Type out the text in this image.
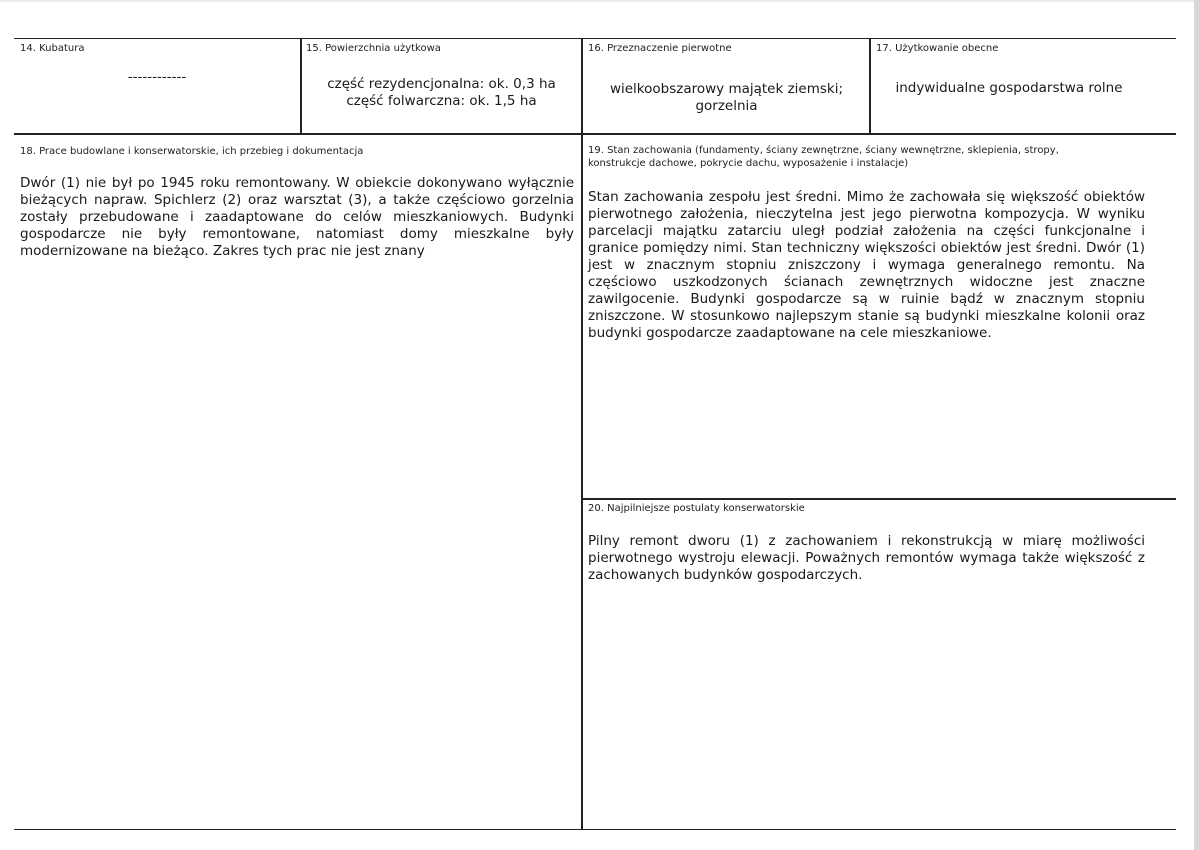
14. Kubatura
------------
15. Powierzchnia użytkowa
część rezydencjonalna: ok. 0,3 ha
część folwarczna: ok. 1,5 ha
16. Przeznaczenie pierwotne
wielkoobszarowy majątek ziemski;
gorzelnia
17. Użytkowanie obecne
indywidualne gospodarstwa rolne
18. Prace budowlane i konserwatorskie, ich przebieg i dokumentacja

Dwór (1) nie był po 1945 roku remontowany. W obiekcie dokonywano wyłącznie bieżących napraw. Spichlerz (2) oraz warsztat (3), a także częściowo gorzelnia zostały przebudowane i zaadaptowane do celów mieszkaniowych. Budynki gospodarcze nie były remontowane, natomiast domy mieszkalne były modernizowane na bieżąco. Zakres tych prac nie jest znany

19. Stan zachowania (fundamenty, ściany zewnętrzne, ściany wewnętrzne, sklepienia, stropy,
konstrukcje dachowe, pokrycie dachu, wyposażenie i instalacje)

Stan zachowania zespołu jest średni. Mimo że zachowała się większość obiektów pierwotnego założenia, nieczytelna jest jego pierwotna kompozycja. W wyniku parcelacji majątku zatarciu uległ podział założenia na części funkcjonalne i granice pomiędzy nimi. Stan techniczny większości obiektów jest średni. Dwór (1) jest w znacznym stopniu zniszczony i wymaga generalnego remontu. Na częściowo uszkodzonych ścianach zewnętrznych widoczne jest znaczne zawilgocenie. Budynki gospodarcze są w ruinie bądź w znacznym stopniu zniszczone. W stosunkowo najlepszym stanie są budynki mieszkalne kolonii oraz budynki gospodarcze zaadaptowane na cele mieszkaniowe.

20. Najpilniejsze postulaty konserwatorskie

Pilny remont dworu (1) z zachowaniem i rekonstrukcją w miarę możliwości pierwotnego wystroju elewacji. Poważnych remontów wymaga także większość z zachowanych budynków gospodarczych.
